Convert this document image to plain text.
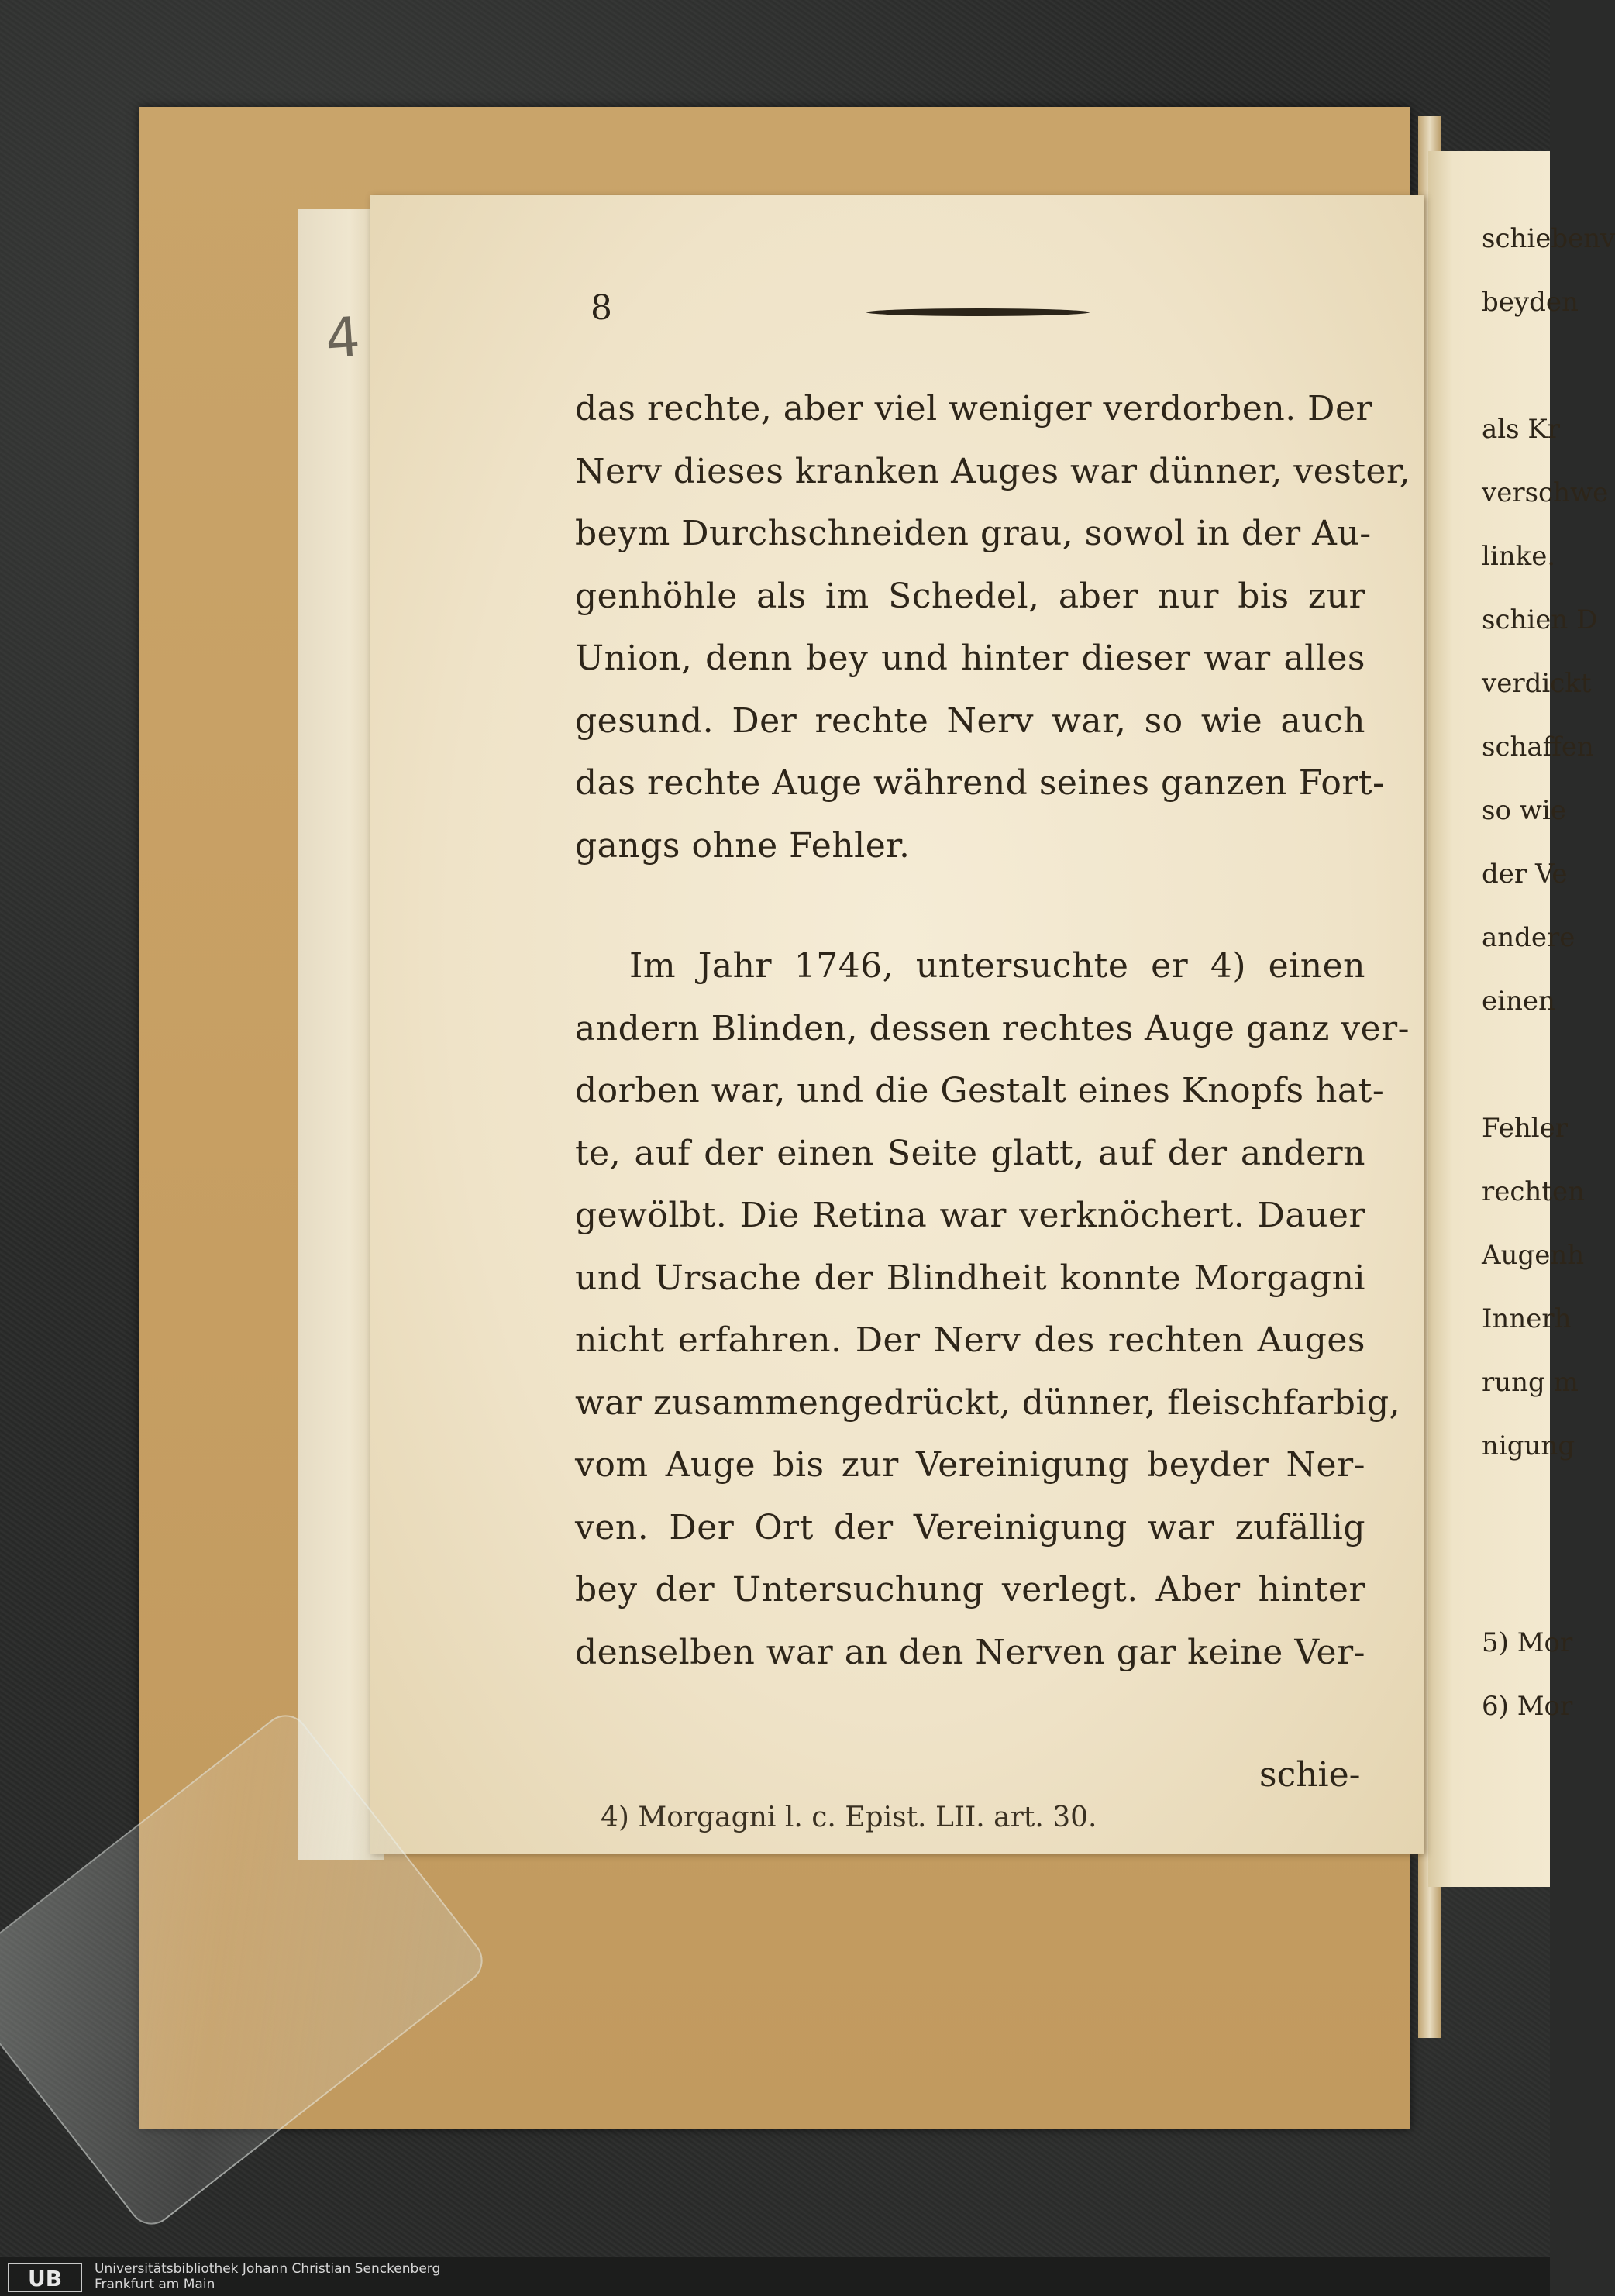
4	8
das rechte, aber viel weniger verdorben. Der
Nerv dieses kranken Auges war dünner, vester,
beym Durchschneiden grau, sowol in der Au-
genhöhle als im Schedel, aber nur bis zur
Union, denn bey und hinter dieser war alles
gesund. Der rechte Nerv war, so wie auch
das rechte Auge während seines ganzen Fort-
gangs ohne Fehler.
Im Jahr 1746, untersuchte er 4) einen
andern Blinden, dessen rechtes Auge ganz ver-
dorben war, und die Gestalt eines Knopfs hat-
te, auf der einen Seite glatt, auf der andern
gewölbt. Die Retina war verknöchert. Dauer
und Ursache der Blindheit konnte Morgagni
nicht erfahren. Der Nerv des rechten Auges
war zusammengedrückt, dünner, fleischfarbig,
vom Auge bis zur Vereinigung beyder Ner-
ven. Der Ort der Vereinigung war zufällig
bey der Untersuchung verlegt. Aber hinter
denselben war an den Nerven gar keine Ver-
schie-
4) Morgagni l. c. Epist. LII. art. 30.
schiebenv
beyden
als Kr
verschwe
linke.
schien D
verdickt
schaffen
so wie
der Ve
andere
einen
Fehler
rechten
Augenh
Innerh
rung m
nigung
5) Mor
6) Mor
UB	Universitätsbibliothek Johann Christian Senckenberg
Frankfurt am Main
